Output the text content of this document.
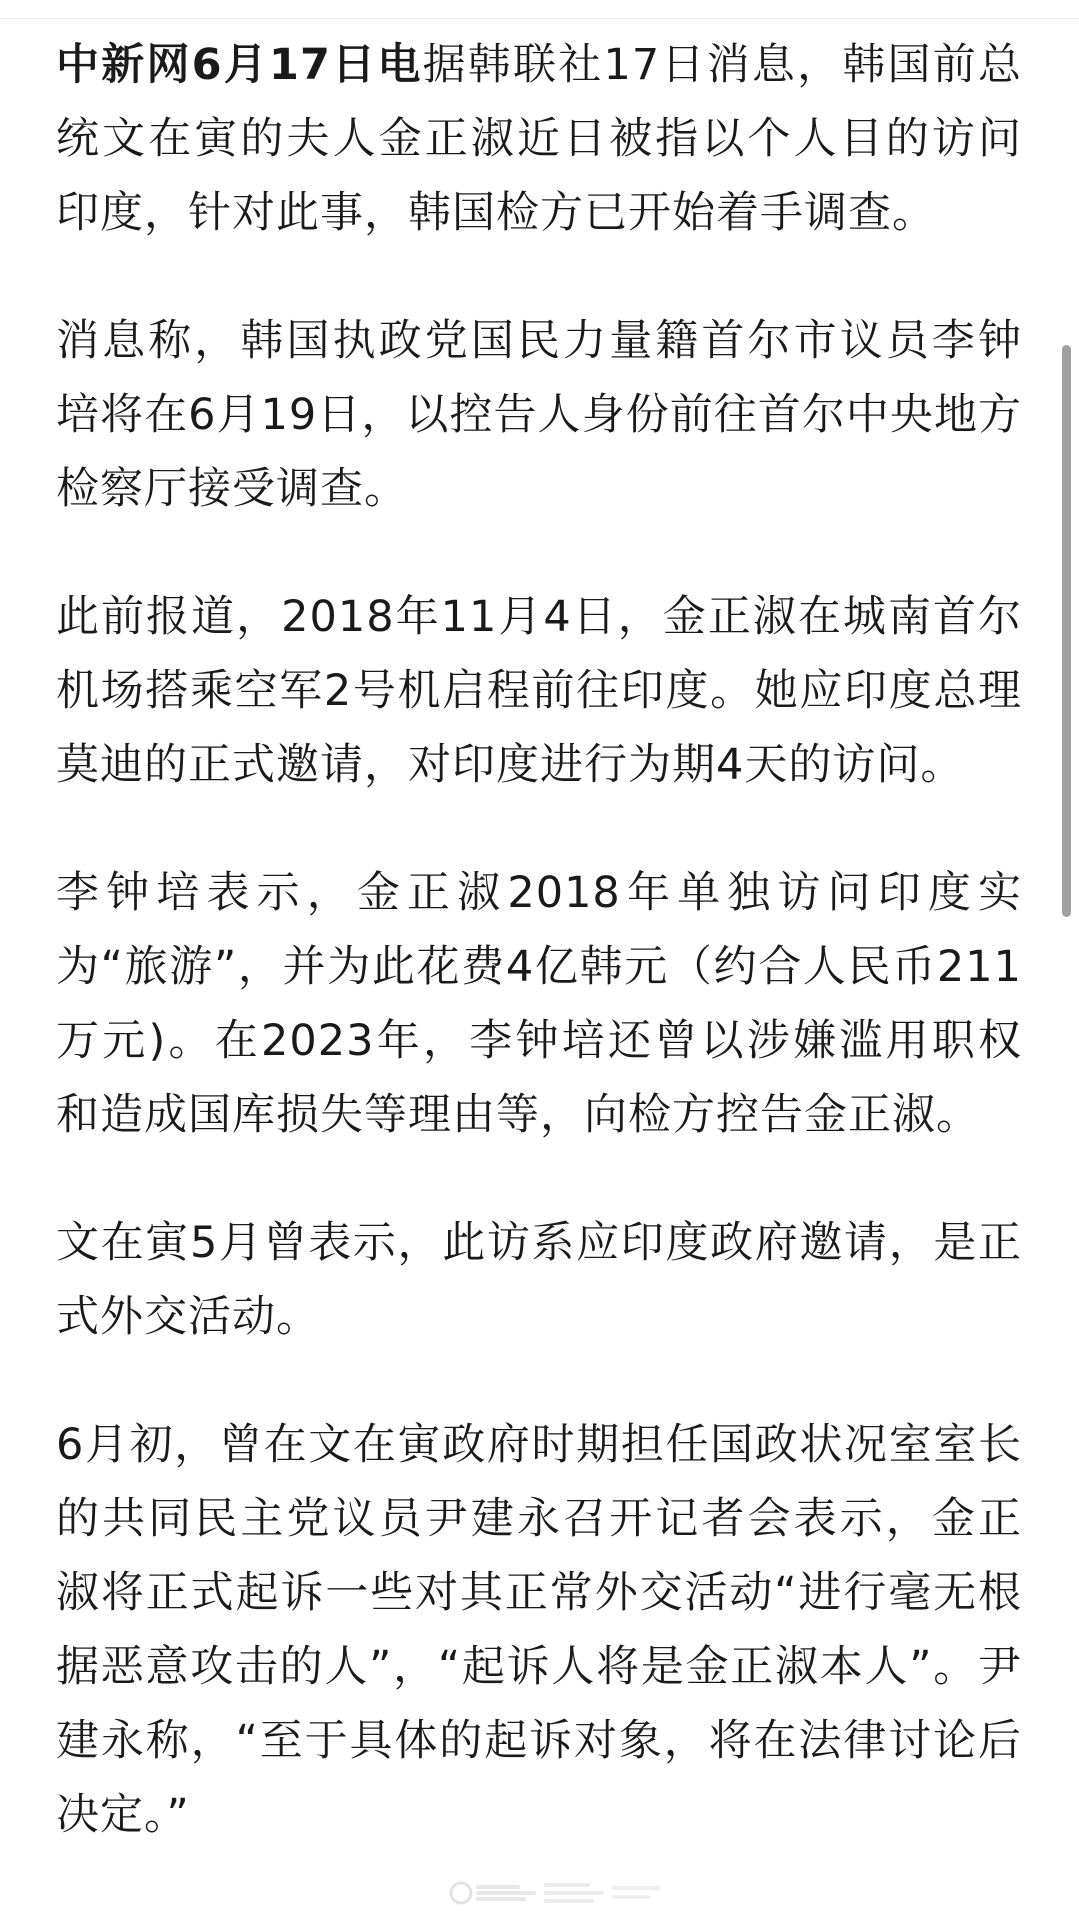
中新网6月17日电据韩联社17日消息，韩国前总统文在寅的夫人金正淑近日被指以个人目的访问印度，针对此事，韩国检方已开始着手调查。

消息称，韩国执政党国民力量籍首尔市议员李钟培将在6月19日，以控告人身份前往首尔中央地方检察厅接受调查。

此前报道，2018年11月4日，金正淑在城南首尔机场搭乘空军2号机启程前往印度。她应印度总理莫迪的正式邀请，对印度进行为期4天的访问。

李钟培表示，金正淑2018年单独访问印度实为“旅游”，并为此花费4亿韩元（约合人民币211万元)。在2023年，李钟培还曾以涉嫌滥用职权和造成国库损失等理由等，向检方控告金正淑。

文在寅5月曾表示，此访系应印度政府邀请，是正式外交活动。

6月初，曾在文在寅政府时期担任国政状况室室长的共同民主党议员尹建永召开记者会表示，金正淑将正式起诉一些对其正常外交活动“进行毫无根据恶意攻击的人”，“起诉人将是金正淑本人”。尹建永称，“至于具体的起诉对象，将在法律讨论后决定。”
